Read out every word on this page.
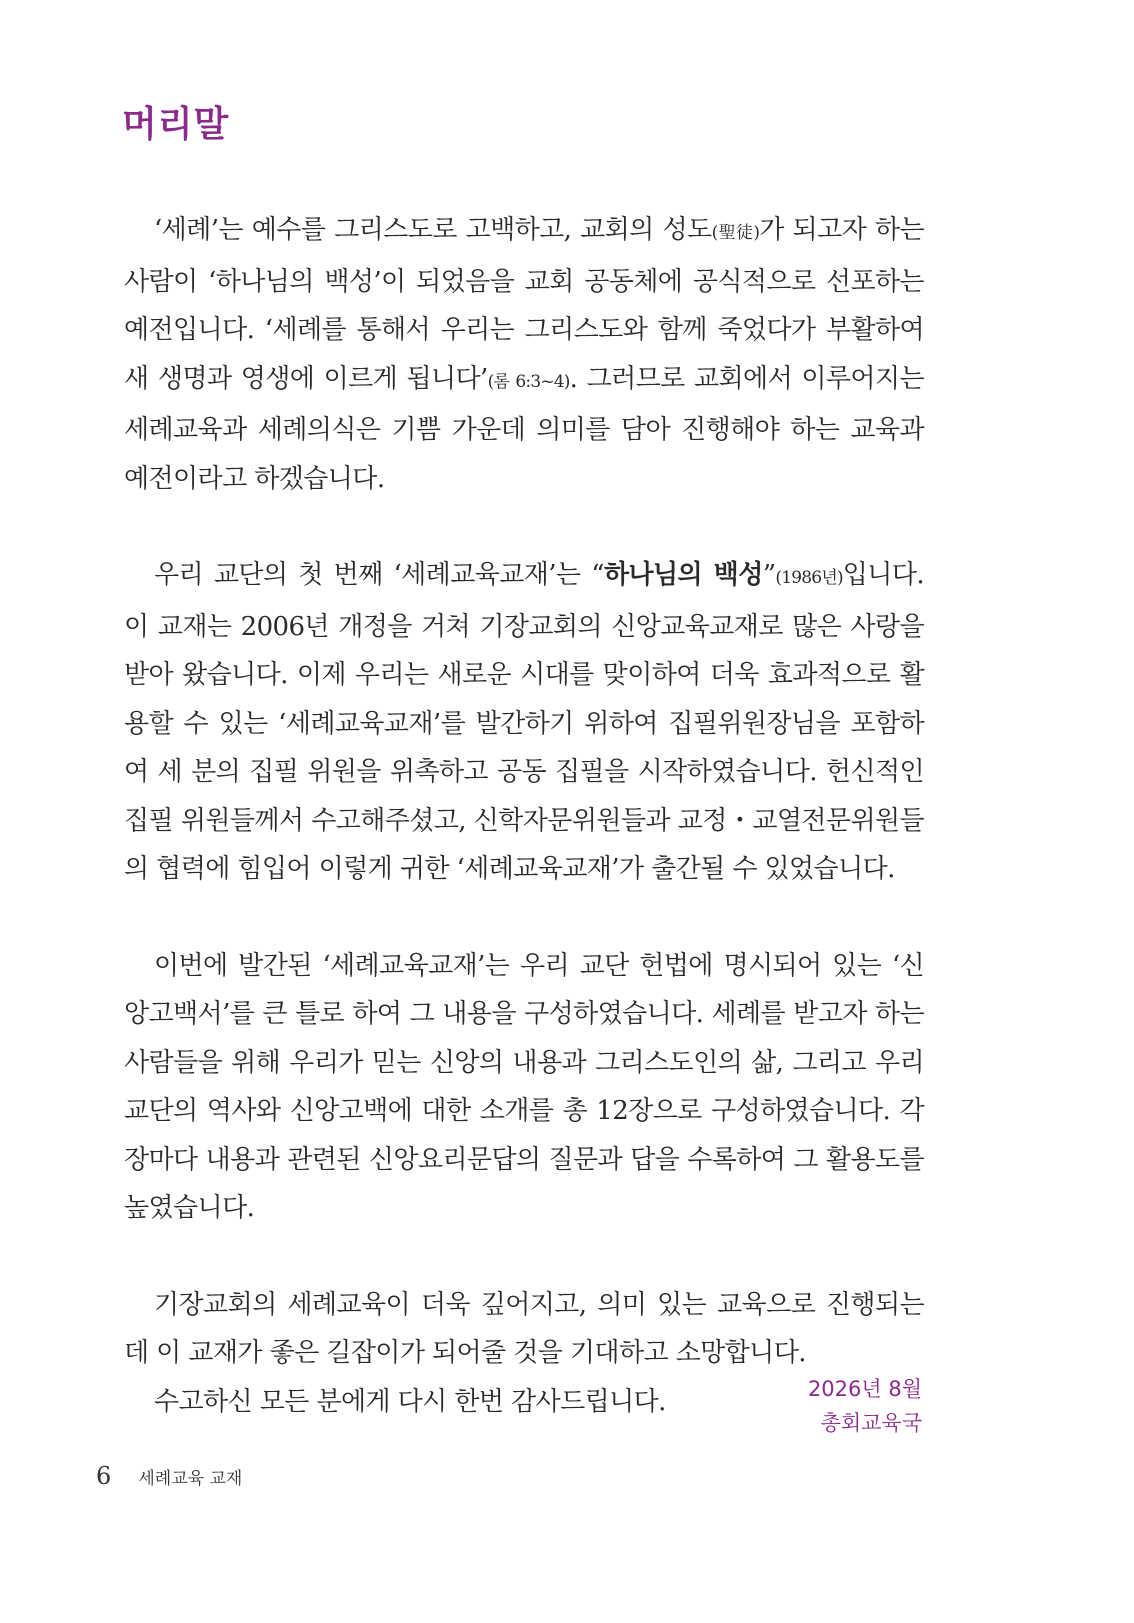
머리말

‘세례’는 예수를 그리스도로 고백하고, 교회의 성도(聖徒)가 되고자 하는 사람이 ‘하나님의 백성’이 되었음을 교회 공동체에 공식적으로 선포하는 예전입니다. ‘세례를 통해서 우리는 그리스도와 함께 죽었다가 부활하여 새 생명과 영생에 이르게 됩니다’(롬 6:3~4). 그러므로 교회에서 이루어지는 세례교육과 세례의식은 기쁨 가운데 의미를 담아 진행해야 하는 교육과 예전이라고 하겠습니다.

우리 교단의 첫 번째 ‘세례교육교재’는 “하나님의 백성”(1986년)입니다. 이 교재는 2006년 개정을 거쳐 기장교회의 신앙교육교재로 많은 사랑을 받아 왔습니다. 이제 우리는 새로운 시대를 맞이하여 더욱 효과적으로 활용할 수 있는 ‘세례교육교재’를 발간하기 위하여 집필위원장님을 포함하여 세 분의 집필 위원을 위촉하고 공동 집필을 시작하였습니다. 헌신적인 집필 위원들께서 수고해주셨고, 신학자문위원들과 교정・교열전문위원들의 협력에 힘입어 이렇게 귀한 ‘세례교육교재’가 출간될 수 있었습니다.

이번에 발간된 ‘세례교육교재’는 우리 교단 헌법에 명시되어 있는 ‘신앙고백서’를 큰 틀로 하여 그 내용을 구성하였습니다. 세례를 받고자 하는 사람들을 위해 우리가 믿는 신앙의 내용과 그리스도인의 삶, 그리고 우리 교단의 역사와 신앙고백에 대한 소개를 총 12장으로 구성하였습니다. 각 장마다 내용과 관련된 신앙요리문답의 질문과 답을 수록하여 그 활용도를 높였습니다.

기장교회의 세례교육이 더욱 깊어지고, 의미 있는 교육으로 진행되는데 이 교재가 좋은 길잡이가 되어줄 것을 기대하고 소망합니다.
수고하신 모든 분에게 다시 한번 감사드립니다.	2026년 8월
총회교육국
6 세례교육 교재
